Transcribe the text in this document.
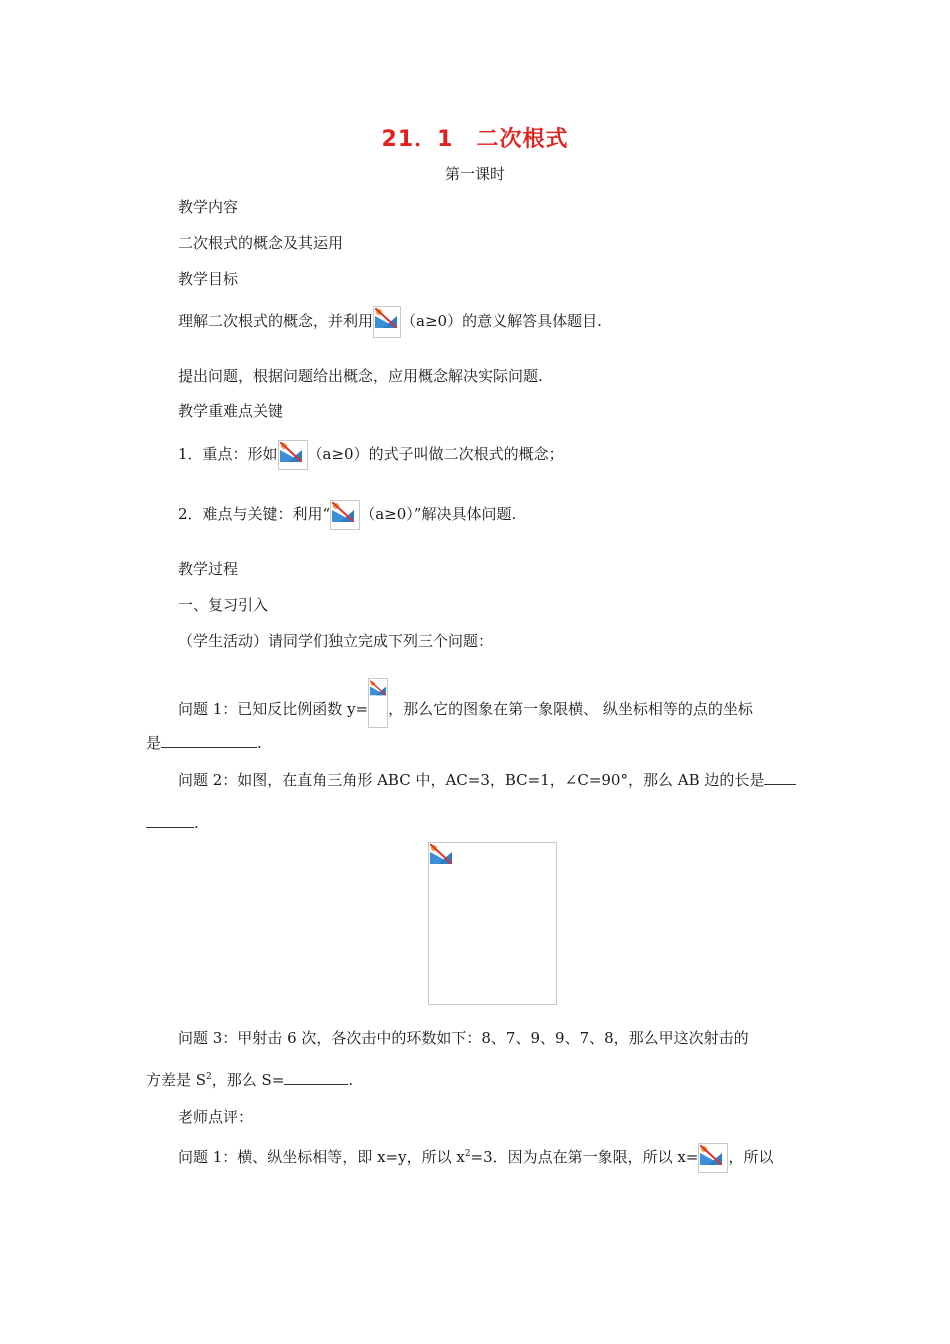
21．1　二次根式
第一课时
教学内容
二次根式的概念及其运用
教学目标
理解二次根式的概念，并利用 （a≥0）的意义解答具体题目.
提出问题，根据问题给出概念，应用概念解决实际问题.
教学重难点关键
1．重点：形如 （a≥0）的式子叫做二次根式的概念；
2．难点与关键：利用“ （a≥0）”解决具体问题.
教学过程
一、复习引入
（学生活动）请同学们独立完成下列三个问题：
问题 1：已知反比例函数 y= ，那么它的图象在第一象限横、 纵坐标相等的点的坐标
是	.
问题 2：如图，在直角三角形 ABC 中，AC=3，BC=1，∠C=90°，那么 AB 边的长是
.
问题 3：甲射击 6 次，各次击中的环数如下：8、7、9、9、7、8，那么甲这次射击的
方差是 $S^2$，那么 S=	.
老师点评：
问题 1：横、纵坐标相等，即 x=y，所以 $x^2=3$．因为点在第一象限，所以 x= ，所以
